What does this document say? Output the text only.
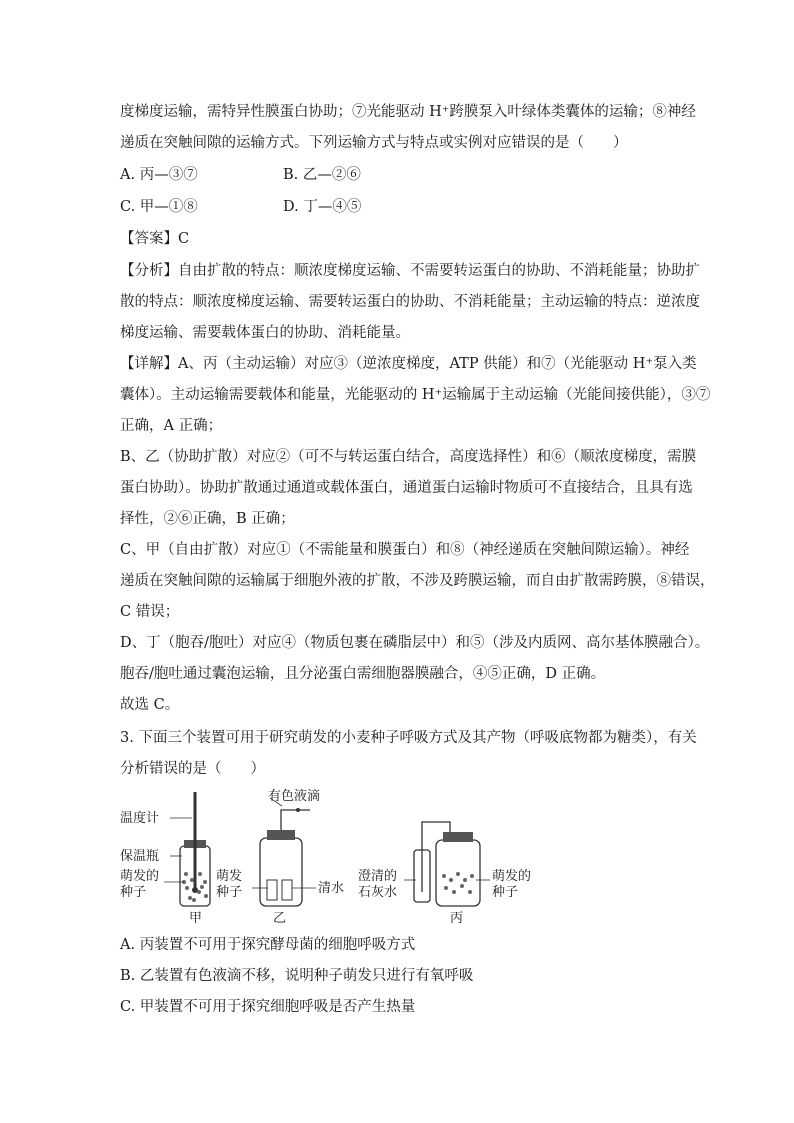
度梯度运输，需特异性膜蛋白协助；⑦光能驱动 H⁺跨膜泵入叶绿体类囊体的运输；⑧神经
递质在突触间隙的运输方式。下列运输方式与特点或实例对应错误的是（　　）
A. 丙—③⑦	B. 乙—②⑥
C. 甲—①⑧	D. 丁—④⑤
【答案】C
【分析】自由扩散的特点：顺浓度梯度运输、不需要转运蛋白的协助、不消耗能量；协助扩
散的特点：顺浓度梯度运输、需要转运蛋白的协助、不消耗能量；主动运输的特点：逆浓度
梯度运输、需要载体蛋白的协助、消耗能量。
【详解】A、丙（主动运输）对应③（逆浓度梯度，ATP 供能）和⑦（光能驱动 H⁺泵入类
囊体）。主动运输需要载体和能量，光能驱动的 H⁺运输属于主动运输（光能间接供能），③⑦
正确，A 正确；
B、乙（协助扩散）对应②（可不与转运蛋白结合，高度选择性）和⑥（顺浓度梯度，需膜
蛋白协助）。协助扩散通过通道或载体蛋白，通道蛋白运输时物质可不直接结合，且具有选
择性，②⑥正确，B 正确；
C、甲（自由扩散）对应①（不需能量和膜蛋白）和⑧（神经递质在突触间隙运输）。神经
递质在突触间隙的运输属于细胞外液的扩散，不涉及跨膜运输，而自由扩散需跨膜，⑧错误，
C 错误；
D、丁（胞吞/胞吐）对应④（物质包裹在磷脂层中）和⑤（涉及内质网、高尔基体膜融合）。
胞吞/胞吐通过囊泡运输，且分泌蛋白需细胞器膜融合，④⑤正确，D 正确。
故选 C。
3. 下面三个装置可用于研究萌发的小麦种子呼吸方式及其产物（呼吸底物都为糖类），有关
分析错误的是（　　）
温度计
保温瓶
萌发的
种子
甲
有色液滴
萌发
种子	清水
乙
澄清的
石灰水
萌发的
种子
丙
A. 丙装置不可用于探究酵母菌的细胞呼吸方式
B. 乙装置有色液滴不移，说明种子萌发只进行有氧呼吸
C. 甲装置不可用于探究细胞呼吸是否产生热量
